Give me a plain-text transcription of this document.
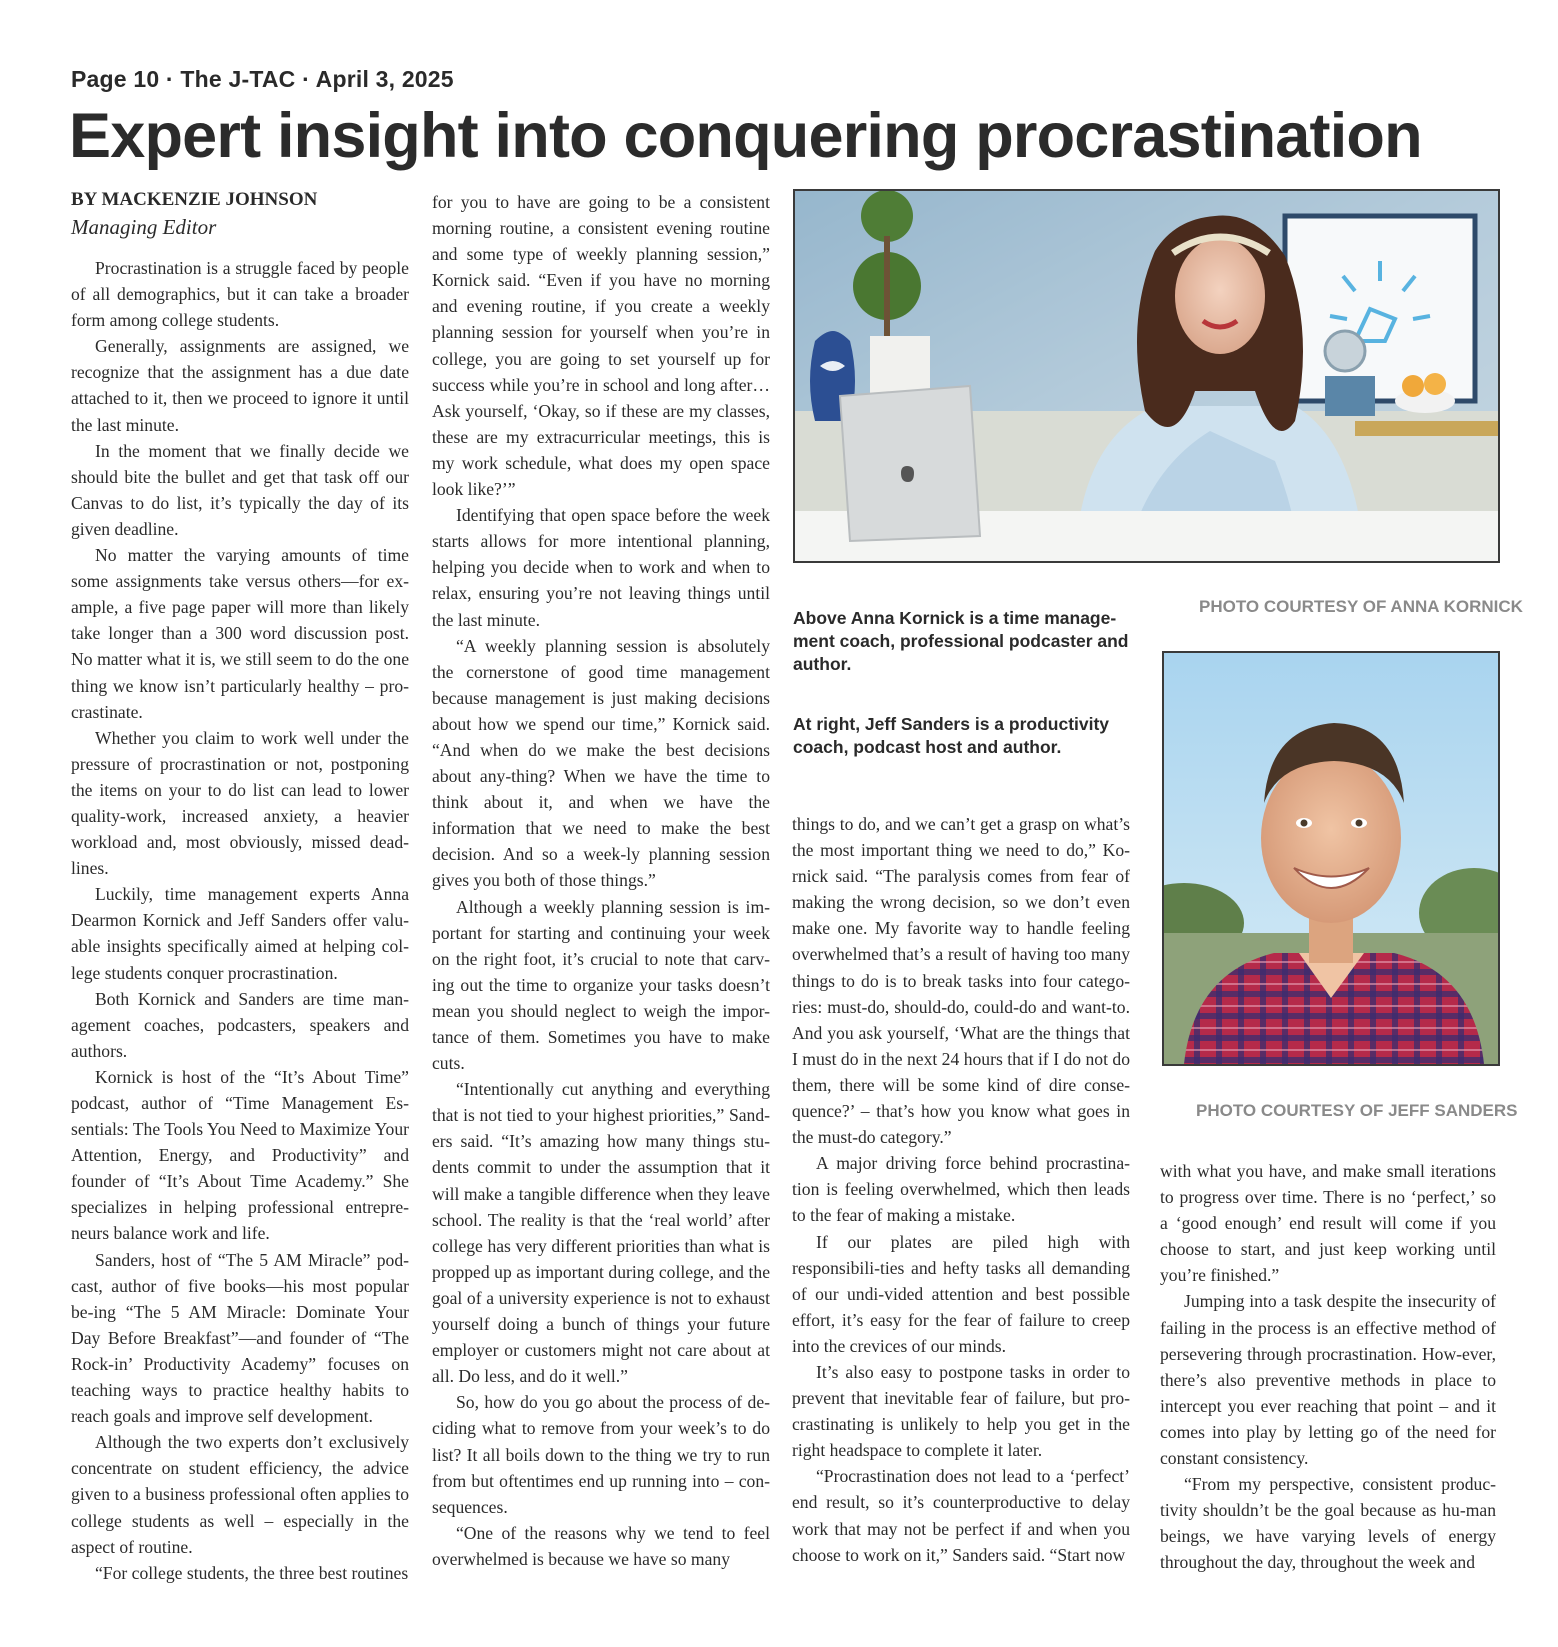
Page 10 · The J-TAC · April 3, 2025
Expert insight into conquering procrastination
BY MACKENZIE JOHNSON
Managing Editor

Procrastination is a struggle faced by people of all demographics, but it can take a broader form among college students.

Generally, assignments are assigned, we recognize that the assignment has a due date attached to it, then we proceed to ignore it until the last minute.

In the moment that we finally decide we should bite the bullet and get that task off our Canvas to do list, it’s typically the day of its given deadline.

No matter the varying amounts of time some assignments take versus others—for ex-ample, a five page paper will more than likely take longer than a 300 word discussion post. No matter what it is, we still seem to do the one thing we know isn’t particularly healthy – pro-crastinate.

Whether you claim to work well under the pressure of procrastination or not, postponing the items on your to do list can lead to lower quality-work, increased anxiety, a heavier workload and, most obviously, missed dead-lines.

Luckily, time management experts Anna Dearmon Kornick and Jeff Sanders offer valu-able insights specifically aimed at helping col-lege students conquer procrastination.

Both Kornick and Sanders are time man-agement coaches, podcasters, speakers and authors.

Kornick is host of the “It’s About Time” podcast, author of “Time Management Es-sentials: The Tools You Need to Maximize Your Attention, Energy, and Productivity” and founder of “It’s About Time Academy.” She specializes in helping professional entrepre-neurs balance work and life.

Sanders, host of “The 5 AM Miracle” pod-cast, author of five books—his most popular be-ing “The 5 AM Miracle: Dominate Your Day Before Breakfast”—and founder of “The Rock-in’ Productivity Academy” focuses on teaching ways to practice healthy habits to reach goals and improve self development.

Although the two experts don’t exclusively concentrate on student efficiency, the advice given to a business professional often applies to college students as well – especially in the aspect of routine.

“For college students, the three best routines

for you to have are going to be a consistent morning routine, a consistent evening routine and some type of weekly planning session,” Kornick said. “Even if you have no morning and evening routine, if you create a weekly planning session for yourself when you’re in college, you are going to set yourself up for success while you’re in school and long after… Ask yourself, ‘Okay, so if these are my classes, these are my extracurricular meetings, this is my work schedule, what does my open space look like?’”

Identifying that open space before the week starts allows for more intentional planning, helping you decide when to work and when to relax, ensuring you’re not leaving things until the last minute.

“A weekly planning session is absolutely the cornerstone of good time management because management is just making decisions about how we spend our time,” Kornick said. “And when do we make the best decisions about any-thing? When we have the time to think about it, and when we have the information that we need to make the best decision. And so a week-ly planning session gives you both of those things.”

Although a weekly planning session is im-portant for starting and continuing your week on the right foot, it’s crucial to note that carv-ing out the time to organize your tasks doesn’t mean you should neglect to weigh the impor-tance of them. Sometimes you have to make cuts.

“Intentionally cut anything and everything that is not tied to your highest priorities,” Sand-ers said. “It’s amazing how many things stu-dents commit to under the assumption that it will make a tangible difference when they leave school. The reality is that the ‘real world’ after college has very different priorities than what is propped up as important during college, and the goal of a university experience is not to exhaust yourself doing a bunch of things your future employer or customers might not care about at all. Do less, and do it well.”

So, how do you go about the process of de-ciding what to remove from your week’s to do list? It all boils down to the thing we try to run from but oftentimes end up running into – con-sequences.

“One of the reasons why we tend to feel overwhelmed is because we have so many

PHOTO COURTESY OF ANNA KORNICK
Above Anna Kornick is a time manage-ment coach, professional podcaster and author.
At right, Jeff Sanders is a productivity coach, podcast host and author.
PHOTO COURTESY OF JEFF SANDERS

things to do, and we can’t get a grasp on what’s the most important thing we need to do,” Ko-rnick said. “The paralysis comes from fear of making the wrong decision, so we don’t even make one. My favorite way to handle feeling overwhelmed that’s a result of having too many things to do is to break tasks into four catego-ries: must-do, should-do, could-do and want-to. And you ask yourself, ‘What are the things that I must do in the next 24 hours that if I do not do them, there will be some kind of dire conse-quence?’ – that’s how you know what goes in the must-do category.”

A major driving force behind procrastina-tion is feeling overwhelmed, which then leads to the fear of making a mistake.

If our plates are piled high with responsibili-ties and hefty tasks all demanding of our undi-vided attention and best possible effort, it’s easy for the fear of failure to creep into the crevices of our minds.

It’s also easy to postpone tasks in order to prevent that inevitable fear of failure, but pro-crastinating is unlikely to help you get in the right headspace to complete it later.

“Procrastination does not lead to a ‘perfect’ end result, so it’s counterproductive to delay work that may not be perfect if and when you choose to work on it,” Sanders said. “Start now

with what you have, and make small iterations to progress over time. There is no ‘perfect,’ so a ‘good enough’ end result will come if you choose to start, and just keep working until you’re finished.”

Jumping into a task despite the insecurity of failing in the process is an effective method of persevering through procrastination. How-ever, there’s also preventive methods in place to intercept you ever reaching that point – and it comes into play by letting go of the need for constant consistency.

“From my perspective, consistent produc-tivity shouldn’t be the goal because as hu-man beings, we have varying levels of energy throughout the day, throughout the week and
